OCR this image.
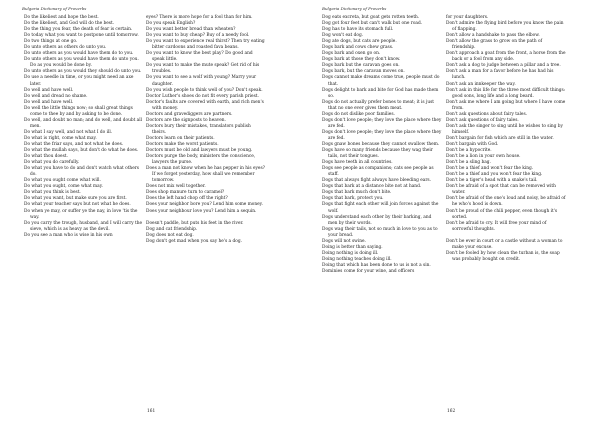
Bulgaria Dictionary of Proverbs
Do the likeliest and hope the best.
Do the likeliest, and God will do the best.
Do the thing you fear, the death of fear is certain.
Do today what you want to postpone until tomorrow.
Do two things at one go.
Do unto others as others do unto you.
Do unto others as you would have them do to you.
Do unto others as you would have them do unto you. Do as you would be done by.
Do unto others as you would they should do unto you.
Do use a needle in time, or you might need an axe later.
Do well and have well.
Do well and dread no shame.
Do well and have well.
Do well the little things now; so shall great things come to thee by and by asking to be done.
Do well, and doubt no man; and do well, and doubt all men.
Do what I say well, and not what I do ill.
Do what is right, come what may.
Do what the friar says, and not what he does.
Do what the mullah says, but don't do what he does.
Do what thou doest.
Do what you do carefully.
Do what you have to do and don't watch what others do.
Do what you ought come what will.
Do what you ought, come what may.
Do what you think is best.
Do what you want, but make sure you are first.
Do what your teacher says but not what he does.
Do when ye may, or suffer ye the nay, in love 'tis the way.
Do you carry the trough, husband, and I will carry the sieve, which is as heavy as the devil.
Do you see a man who is wise in his own
eyes? There is more hope for a fool than for him.
Do you speak English?
Do you want better bread than wheaten?
Do you want to buy cheap? Buy of a needy fool.
Do you want to experience real thirst? Then try eating bitter cardoons and roasted fava beans.
Do you want to know the best play? Do good and speak little.
Do you want to make the mute speak? Get rid of his troubles.
Do you want to see a wolf with young? Marry your daughter.
Do you wish people to think well of you? Don't speak.
Doctor Luther's shoes do not fit every parish priest.
Doctor's faults are covered with earth, and rich men's with money.
Doctors and gravediggers are partners.
Doctors are the signposts to heaven.
Doctors bury their mistakes, translators publish theirs.
Doctors learn on their patients.
Doctors make the worst patients.
Doctors must be old and lawyers must be young.
Doctors purge the body, ministers the conscience, lawyers the purse.
Does a man not know when he has pepper in his eyes? If we forget yesterday, how shall we remember tomorrow.
Does not mix well together.
Does shop manure turn to caramel?
Does the left hand chop off the right?
Does your neighbor bore you? Lend him some money.
Does your neighbour love you? Lend him a sequin.
Doesn't paddle, but puts his feet in the river.
Dog and cat friendship.
Dog does not eat dog.
Dog don't get mad when you say he's a dog.
161
Bulgaria Dictionary of Proverbs
Dog eats excreta, but goat gets rotten teeth.
Dog got four feet but can't walk but one road.
Dog has to have its stomach full.
Dog won't eat dog.
Dog ate dogs, but cats are people.
Dogs bark and cows chew grass.
Dogs bark and oxen go on.
Dogs bark at those they don't know.
Dogs bark but the caravan goes on.
Dogs bark, but the caravan moves on.
Dogs cannot make dreams come true, people must do that.
Dogs delight to bark and bite for God has made them so.
Dogs do not actually prefer bones to meat; it is just that no one ever gives them meat.
Dogs do not dislike poor families.
Dogs don't love people; they love the place where they are fed.
Dogs don't love people; they love the place where they are fed.
Dogs gnaw bones because they cannot swallow them.
Dogs have so many friends because they wag their tails, not their tongues.
Dogs have teeth in all countries.
Dogs see people as companions; cats see people as staff.
Dogs that always fight always have bleeding ears.
Dogs that bark at a distance bite not at hand.
Dogs that bark much don't bite.
Dogs that bark, protect you.
Dogs that fight each other will join forces against the wolf.
Dogs understand each other by their barking, and men by their words.
Dogs wag their tails, not so much in love to you as to your bread.
Dogs will not swine.
Doing is better than saying.
Doing nothing is doing ill.
Doing nothing teaches doing ill.
Doing that which has been done to us is not a sin.
Dominies come for your wine, and officers
for your daughters.
Don't admire the flying bird before you know the pain of flapping.
Don't allow a handshake to pass the elbow.
Don't allow the grass to grow on the path of friendship.
Don't approach a goat from the front, a horse from the back or a fool from any side.
Don't ask a dog to judge between a pillar and a tree.
Don't ask a man for a favor before he has had his lunch.
Don't ask an innkeeper the way.
Don't ask in this life for the three most difficult things: good sons, long life and a long beard.
Don't ask me where I am going but where I have come from.
Don't ask questions about fairy tales.
Don't ask questions of fairy tales.
Don't ask the singer to sing until he wishes to sing by himself.
Don't bargain for fish which are still in the water.
Don't bargain with God.
Don't be a hypocrite.
Don't be a lion in your own house.
Don't be a sling bag.
Don't be a thief and won't fear the king.
Don't be a thief and you won't fear the king.
Don't be a tiger's head with a snake's tail.
Don't be afraid of a spot that can be removed with water.
Don't be afraid of the one's loud and noisy, be afraid of he who's hood is down.
Don't be proud of the chili pepper, even though it's sorted.
Don't be afraid to cry. It will free your mind of sorrowful thoughts.
Don't be ever in court or a castle without a woman to make your excuse.
Don't be fooled by how clean the turban is, the soap was probably bought on credit.
162
